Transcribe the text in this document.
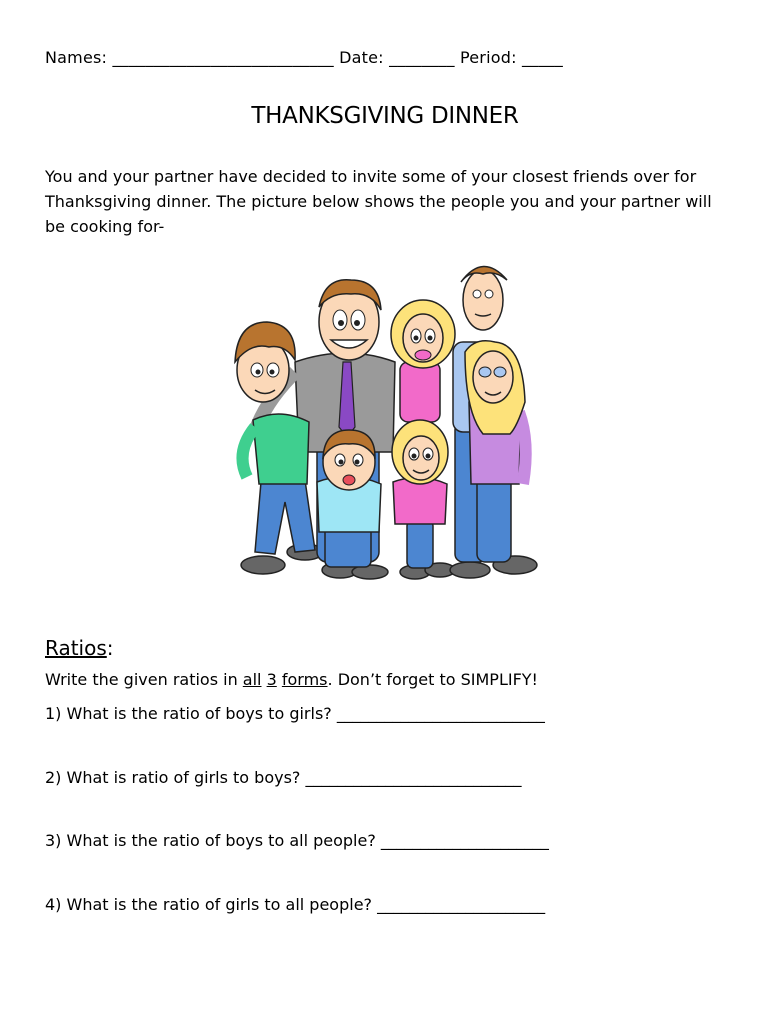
Names: ___________________________ Date: ________ Period: _____
THANKSGIVING DINNER
You and your partner have decided to invite some of your closest friends over for Thanksgiving dinner. The picture below shows the people you and your partner will be cooking for-
Ratios:
Write the given ratios in all 3 forms. Don’t forget to SIMPLIFY!
1) What is the ratio of boys to girls? __________________________
2) What is ratio of girls to boys? ___________________________
3) What is the ratio of boys to all people? _____________________
4) What is the ratio of girls to all people? _____________________
